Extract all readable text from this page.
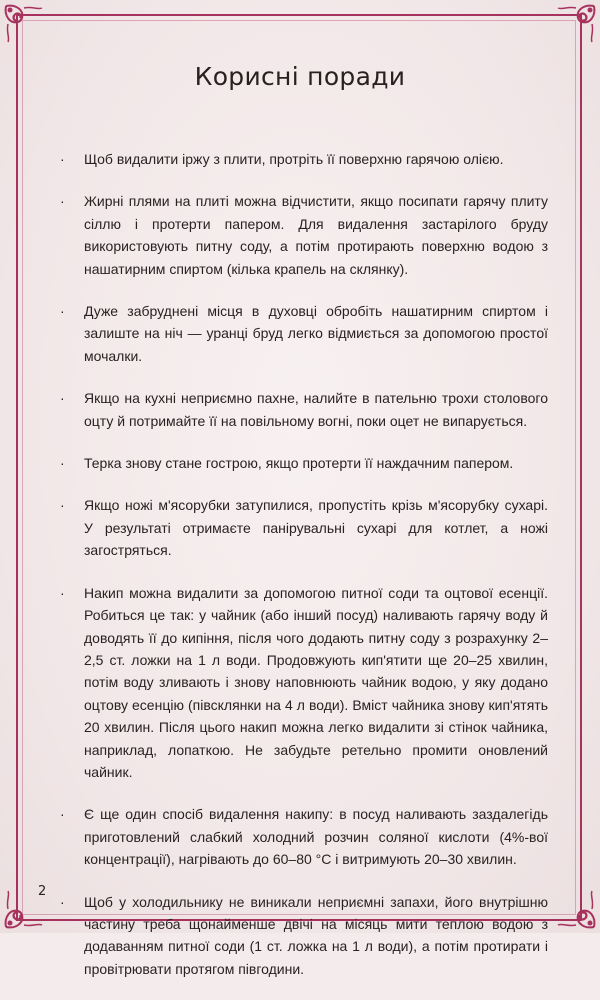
Корисні поради
· Щоб видалити іржу з плити, протріть її поверхню гарячою олією.
· Жирні плями на плиті можна відчистити, якщо посипати гарячу плиту сіллю і протерти папером. Для видалення застарілого бруду використовують питну соду, а потім протирають поверхню водою з нашатирним спиртом (кілька крапель на склянку).
· Дуже забруднені місця в духовці обробіть нашатирним спиртом і залиште на ніч — уранці бруд легко відмиється за допомогою простої мочалки.
· Якщо на кухні неприємно пахне, налийте в пательню трохи столового оцту й потримайте її на повільному вогні, поки оцет не випарується.
· Терка знову стане гострою, якщо протерти її наждачним папером.
· Якщо ножі м'ясорубки затупилися, пропустіть крізь м'ясорубку сухарі. У результаті отримаєте панірувальні сухарі для котлет, а ножі загостряться.
· Накип можна видалити за допомогою питної соди та оцтової есенції. Робиться це так: у чайник (або інший посуд) наливають гарячу воду й доводять її до кипіння, після чого додають питну соду з розрахунку 2–2,5 ст. ложки на 1 л води. Продовжують кип'ятити ще 20–25 хвилин, потім воду зливають і знову наповнюють чайник водою, у яку додано оцтову есенцію (півсклянки на 4 л води). Вміст чайника знову кип'ятять 20 хвилин. Після цього накип можна легко видалити зі стінок чайника, наприклад, лопаткою. Не забудьте ретельно промити оновлений чайник.
· Є ще один спосіб видалення накипу: в посуд наливають заздалегідь приготовлений слабкий холодний розчин соляної кислоти (4%-вої концентрації), нагрівають до 60–80 °С і витримують 20–30 хвилин.
· Щоб у холодильнику не виникали неприємні запахи, його внутрішню частину треба щонайменше двічі на місяць мити теплою водою з додаванням питної соди (1 ст. ложка на 1 л води), а потім протирати і провітрювати протягом півгодини.
2
